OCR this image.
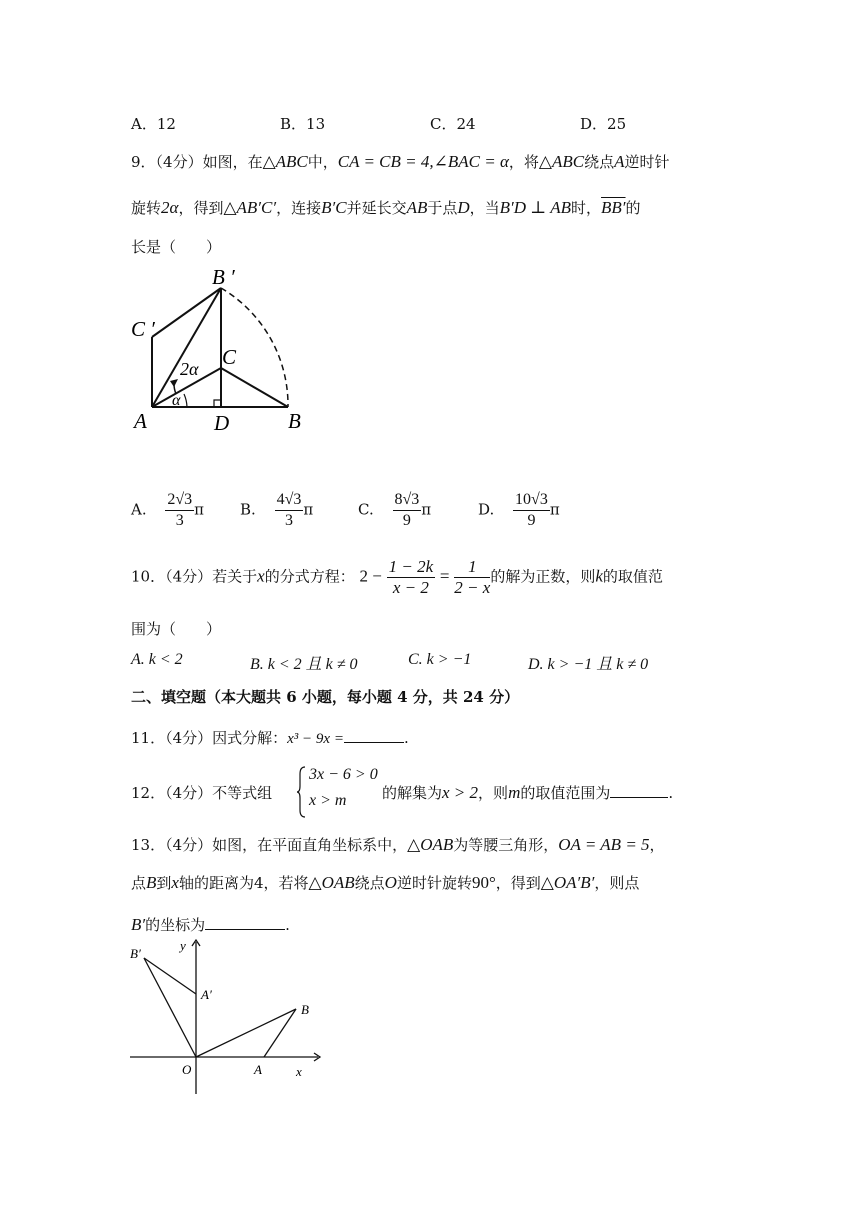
A．12	B．13	C．24	D．25
9．（4分）如图，在△ABC中，CA = CB = 4,∠BAC = α，将△ABC绕点A逆时针
旋转2α，得到△AB′C′，连接B′C并延长交AB于点D，当B′D ⊥ AB时，BB′的
长是（　　）
B ′
C ′
C
A	D	B
2α
α
A. $\frac{2√3}{3}$ π B. $\frac{4√3}{3}$ π	C. $\frac{8√3}{9}$ π	D. $\frac{10√3}{9}$ π
10．（4分）若关于x的分式方程： $2 - \frac{1 - 2k}{x - 2} = \frac{1}{2 - x}$ 的解为正数，则k的取值范
围为（　　）
A. k < 2	B. k < 2 且 k ≠ 0	C. k > −1	D. k > −1 且 k ≠ 0
二、填空题（本大题共 6 小题，每小题 4 分，共 24 分）
11．（4分）因式分解：x³ − 9x =	.
12．（4分）不等式组
3x − 6 > 0
x > m 的解集为x > 2，则m的取值范围为	.
13．（4分）如图，在平面直角坐标系中，△OAB为等腰三角形，OA = AB = 5，
点B到x轴的距离为4，若将△OAB绕点O逆时针旋转90°，得到△OA′B′，则点
B′的坐标为	.
B′
y
A′
B
O	A	x
